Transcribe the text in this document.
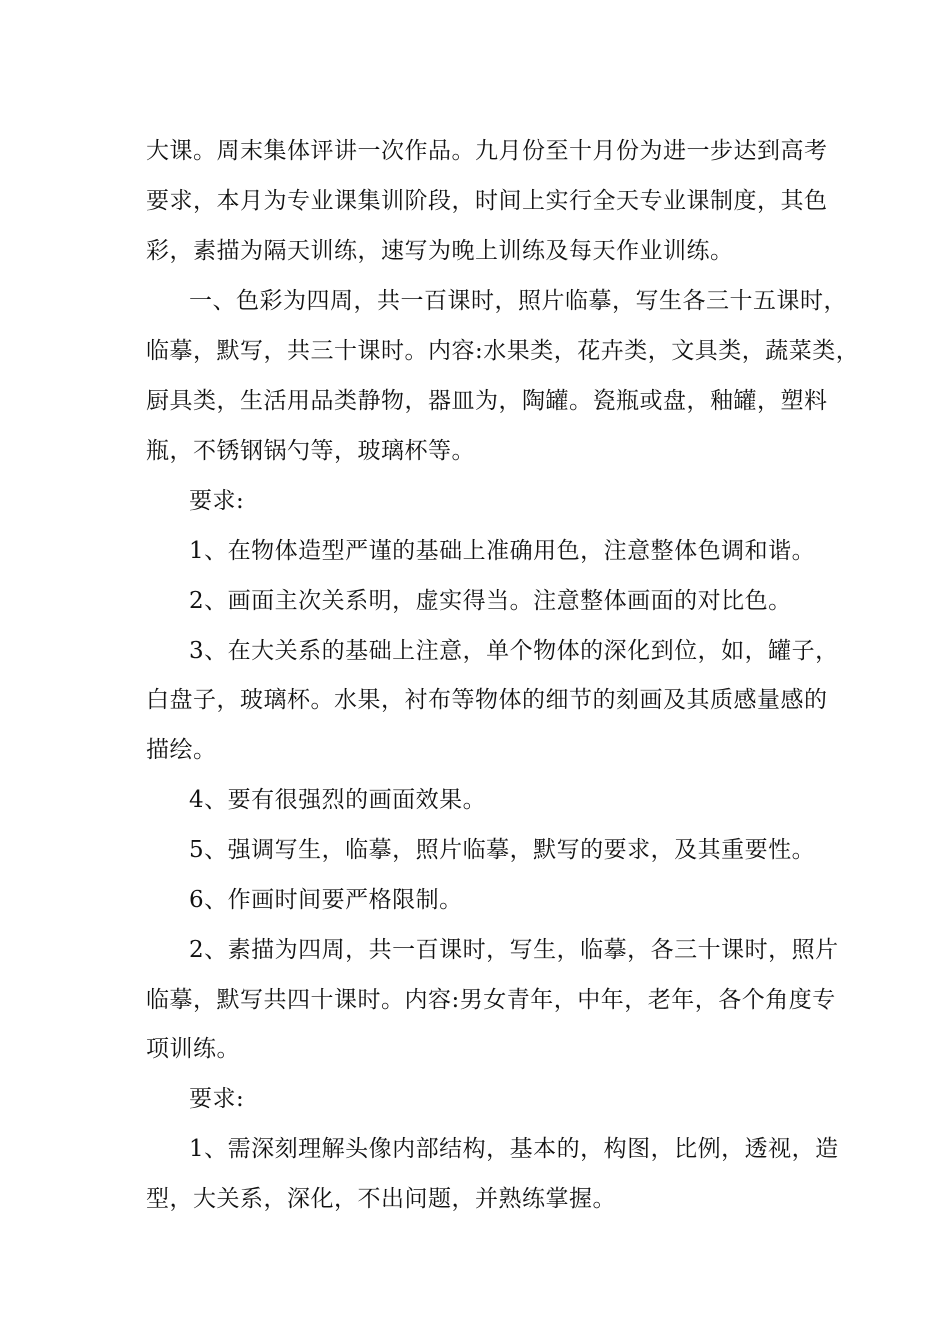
大课。周末集体评讲一次作品。九月份至十月份为进一步达到高考
要求，本月为专业课集训阶段，时间上实行全天专业课制度，其色
彩，素描为隔天训练，速写为晚上训练及每天作业训练。
一、色彩为四周，共一百课时，照片临摹，写生各三十五课时，
临摹，默写，共三十课时。内容:水果类，花卉类，文具类，蔬菜类，
厨具类，生活用品类静物，器皿为，陶罐。瓷瓶或盘，釉罐，塑料
瓶，不锈钢锅勺等，玻璃杯等。
要求:
1、在物体造型严谨的基础上准确用色，注意整体色调和谐。
2、画面主次关系明，虚实得当。注意整体画面的对比色。
3、在大关系的基础上注意，单个物体的深化到位，如，罐子，
白盘子，玻璃杯。水果，衬布等物体的细节的刻画及其质感量感的
描绘。
4、要有很强烈的画面效果。
5、强调写生，临摹，照片临摹，默写的要求，及其重要性。
6、作画时间要严格限制。
2、素描为四周，共一百课时，写生，临摹，各三十课时，照片
临摹，默写共四十课时。内容:男女青年，中年，老年，各个角度专
项训练。
要求:
1、需深刻理解头像内部结构，基本的，构图，比例，透视，造
型，大关系，深化，不出问题，并熟练掌握。
